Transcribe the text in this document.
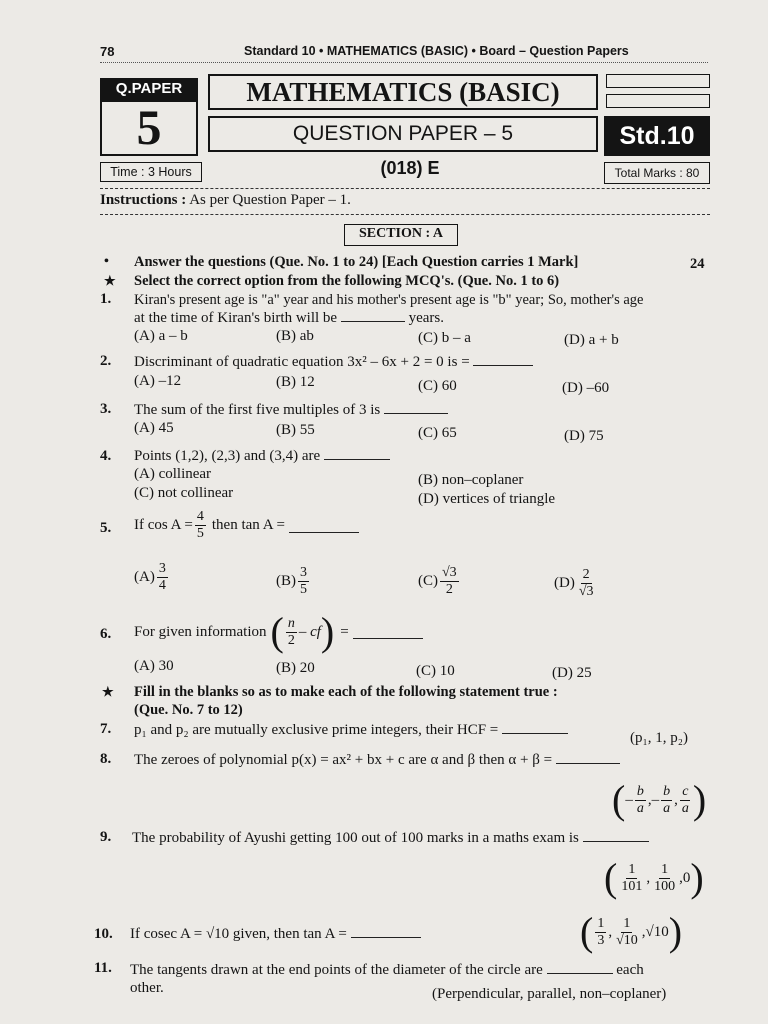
78	Standard 10 • MATHEMATICS (BASIC) • Board – Question Papers
Q.PAPER
5
MATHEMATICS (BASIC)
QUESTION PAPER – 5	Std.10
Time : 3 Hours	(018) E	Total Marks : 80
Instructions : As per Question Paper – 1.
SECTION : A
• Answer the questions (Que. No. 1 to 24) [Each Question carries 1 Mark]	24
★ Select the correct option from the following MCQ's. (Que. No. 1 to 6)
1. Kiran's present age is "a" year and his mother's present age is "b" year; So, mother's age
at the time of Kiran's birth will be	years.
(A) a – b	(B) ab	(C) b – a	(D) a + b
2. Discriminant of quadratic equation 3x² – 6x + 2 = 0 is =
(A) –12	(B) 12	(C) 60	(D) –60
3. The sum of the first five multiples of 3 is
(A) 45	(B) 55	(C) 65	(D) 75
4. Points (1,2), (2,3) and (3,4) are
(A) collinear	(B) non–coplaner
(C) not collinear	(D) vertices of triangle
5. If $\cos A = \frac{4}{5}$ then tan A =
$(A) \frac{3}{4}$	$(B) \frac{3}{5}$	$(C) \frac{√3}{2}$	$(D) \frac{2}{√3}$
6. For given information ( $\frac{n}{2}$ – cf ) =
(A) 30	(B) 20	(C) 10	(D) 25
★ Fill in the blanks so as to make each of the following statement true :
(Que. No. 7 to 12)
7. p₁ and p₂ are mutually exclusive prime integers, their HCF =	(p₁, 1, p₂)
8. The zeroes of polynomial p(x) = ax² + bx + c are α and β then α + β =
( – $\frac{b}{a}$ , – $\frac{b}{a}$ , $\frac{c}{a}$ )
9. The probability of Ayushi getting 100 out of 100 marks in a maths exam is
( $\frac{1}{101}$ , $\frac{1}{100}$ , 0 )
10. If cosec A = √10 given, then tan A =	( $\frac{1}{3}$ , $\frac{1}{√10}$ , √10 )
11. The tangents drawn at the end points of the diameter of the circle are	each
other.	(Perpendicular, parallel, non–coplaner)
